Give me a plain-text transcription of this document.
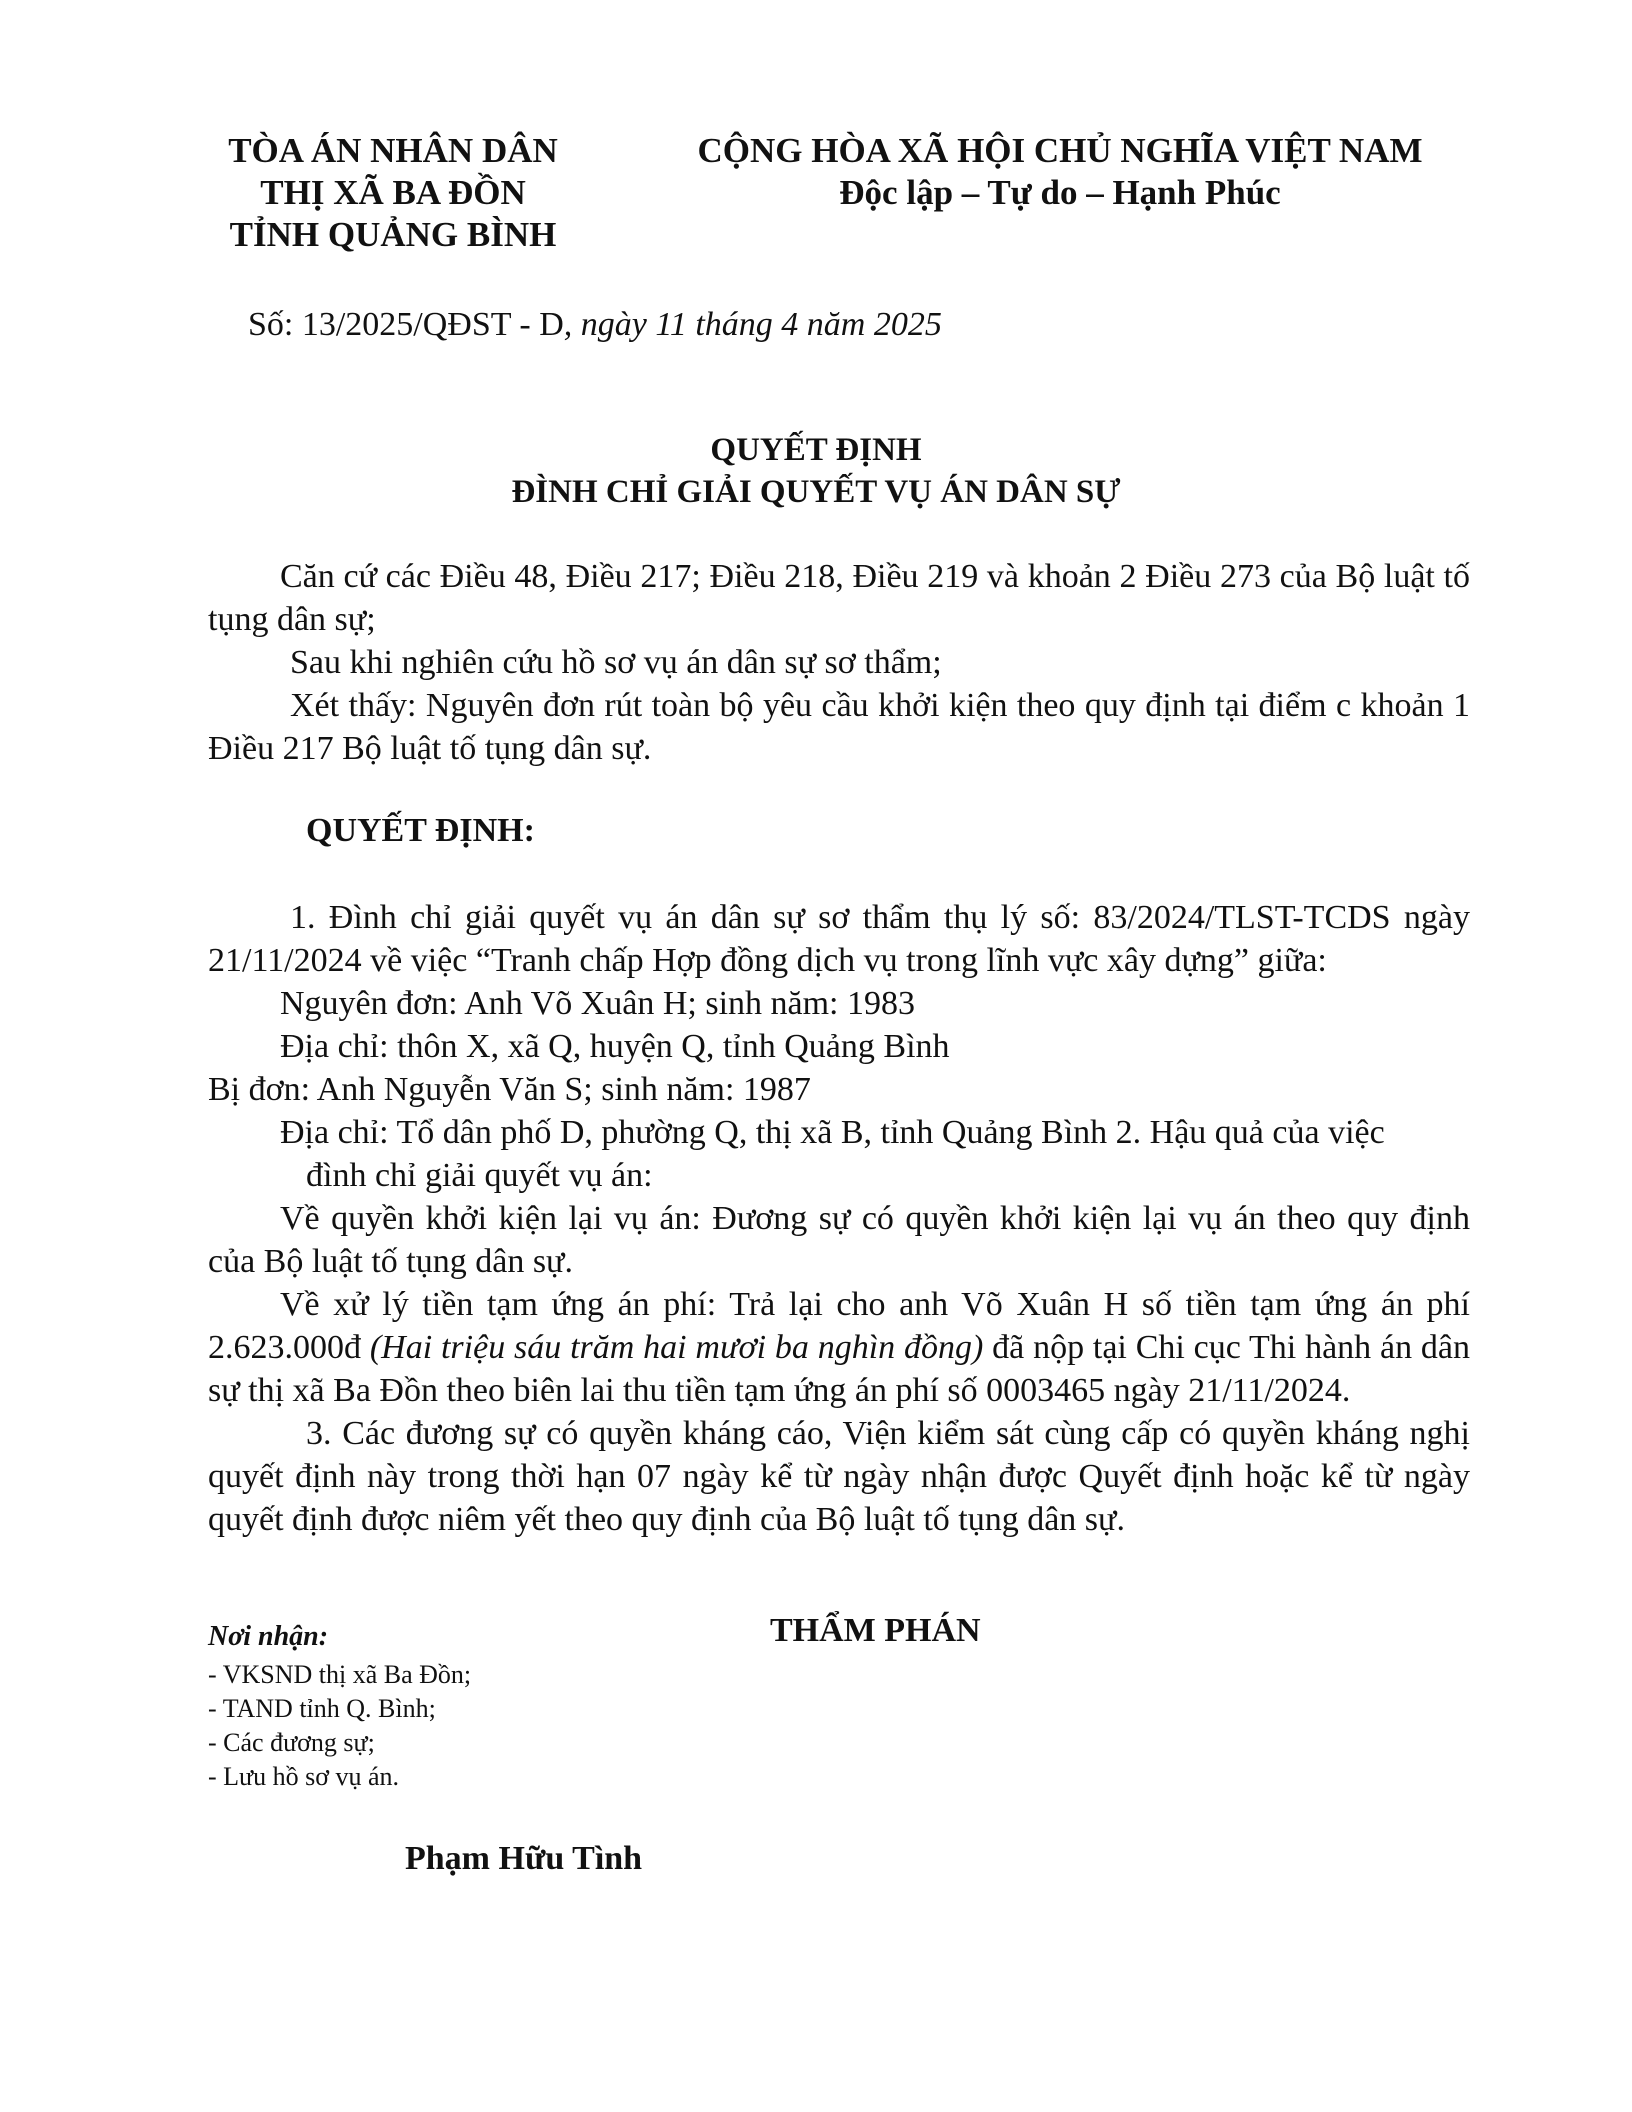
TÒA ÁN NHÂN DÂN
THỊ XÃ BA ĐỒN
TỈNH QUẢNG BÌNH
CỘNG HÒA XÃ HỘI CHỦ NGHĨA VIỆT NAM
Độc lập – Tự do – Hạnh Phúc
Số: 13/2025/QĐST - D, ngày 11 tháng 4 năm 2025
QUYẾT ĐỊNH
ĐÌNH CHỈ GIẢI QUYẾT VỤ ÁN DÂN SỰ

Căn cứ các Điều 48, Điều 217; Điều 218, Điều 219 và khoản 2 Điều 273 của Bộ luật tố tụng dân sự;

Sau khi nghiên cứu hồ sơ vụ án dân sự sơ thẩm;

Xét thấy: Nguyên đơn rút toàn bộ yêu cầu khởi kiện theo quy định tại điểm c khoản 1 Điều 217 Bộ luật tố tụng dân sự.

QUYẾT ĐỊNH:

1. Đình chỉ giải quyết vụ án dân sự sơ thẩm thụ lý số: 83/2024/TLST-TCDS ngày 21/11/2024 về việc “Tranh chấp Hợp đồng dịch vụ trong lĩnh vực xây dựng” giữa:

Nguyên đơn: Anh Võ Xuân H; sinh năm: 1983

Địa chỉ: thôn X, xã Q, huyện Q, tỉnh Quảng Bình

Bị đơn: Anh Nguyễn Văn S; sinh năm: 1987

Địa chỉ: Tổ dân phố D, phường Q, thị xã B, tỉnh Quảng Bình 2. Hậu quả của việc

đình chỉ giải quyết vụ án:

Về quyền khởi kiện lại vụ án: Đương sự có quyền khởi kiện lại vụ án theo quy định của Bộ luật tố tụng dân sự.

Về xử lý tiền tạm ứng án phí: Trả lại cho anh Võ Xuân H số tiền tạm ứng án phí 2.623.000đ (Hai triệu sáu trăm hai mươi ba nghìn đồng) đã nộp tại Chi cục Thi hành án dân sự thị xã Ba Đồn theo biên lai thu tiền tạm ứng án phí số 0003465 ngày 21/11/2024.

3. Các đương sự có quyền kháng cáo, Viện kiểm sát cùng cấp có quyền kháng nghị quyết định này trong thời hạn 07 ngày kể từ ngày nhận được Quyết định hoặc kể từ ngày quyết định được niêm yết theo quy định của Bộ luật tố tụng dân sự.

Nơi nhận:
- VKSND thị xã Ba Đồn;
- TAND tỉnh Q. Bình;
- Các đương sự;
- Lưu hồ sơ vụ án.
THẨM PHÁN
Phạm Hữu Tình
